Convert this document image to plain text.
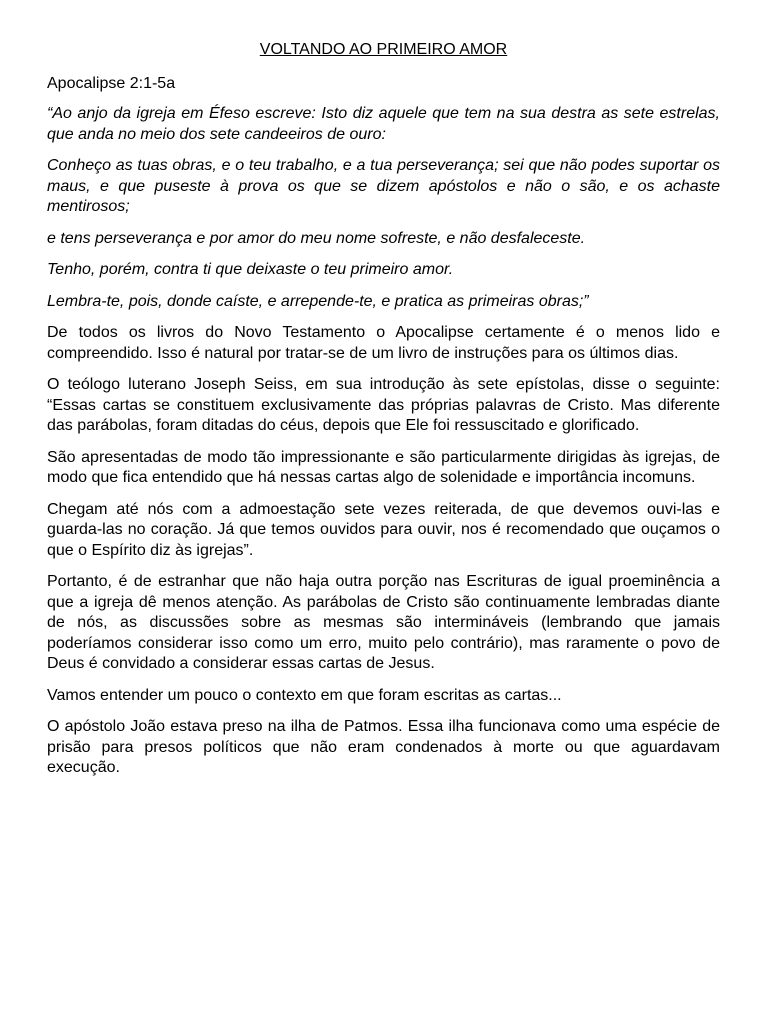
VOLTANDO AO PRIMEIRO AMOR
Apocalipse 2:1-5a

“Ao anjo da igreja em Éfeso escreve: Isto diz aquele que tem na sua destra as sete estrelas, que anda no meio dos sete candeeiros de ouro:

Conheço as tuas obras, e o teu trabalho, e a tua perseverança; sei que não podes suportar os maus, e que puseste à prova os que se dizem apóstolos e não o são, e os achaste mentirosos;

e tens perseverança e por amor do meu nome sofreste, e não desfaleceste.

Tenho, porém, contra ti que deixaste o teu primeiro amor.

Lembra-te, pois, donde caíste, e arrepende-te, e pratica as primeiras obras;”

De todos os livros do Novo Testamento o Apocalipse certamente é o menos lido e compreendido. Isso é natural por tratar-se de um livro de instruções para os últimos dias.

O teólogo luterano Joseph Seiss, em sua introdução às sete epístolas, disse o seguinte: “Essas cartas se constituem exclusivamente das próprias palavras de Cristo. Mas diferente das parábolas, foram ditadas do céus, depois que Ele foi ressuscitado e glorificado.

São apresentadas de modo tão impressionante e são particularmente dirigidas às igrejas, de modo que fica entendido que há nessas cartas algo de solenidade e importância incomuns.

Chegam até nós com a admoestação sete vezes reiterada, de que devemos ouvi-las e guarda-las no coração. Já que temos ouvidos para ouvir, nos é recomendado que ouçamos o que o Espírito diz às igrejas”.

Portanto, é de estranhar que não haja outra porção nas Escrituras de igual proeminência a que a igreja dê menos atenção. As parábolas de Cristo são continuamente lembradas diante de nós, as discussões sobre as mesmas são intermináveis (lembrando que jamais poderíamos considerar isso como um erro, muito pelo contrário), mas raramente o povo de Deus é convidado a considerar essas cartas de Jesus.

Vamos entender um pouco o contexto em que foram escritas as cartas...

O apóstolo João estava preso na ilha de Patmos. Essa ilha funcionava como uma espécie de prisão para presos políticos que não eram condenados à morte ou que aguardavam execução.
